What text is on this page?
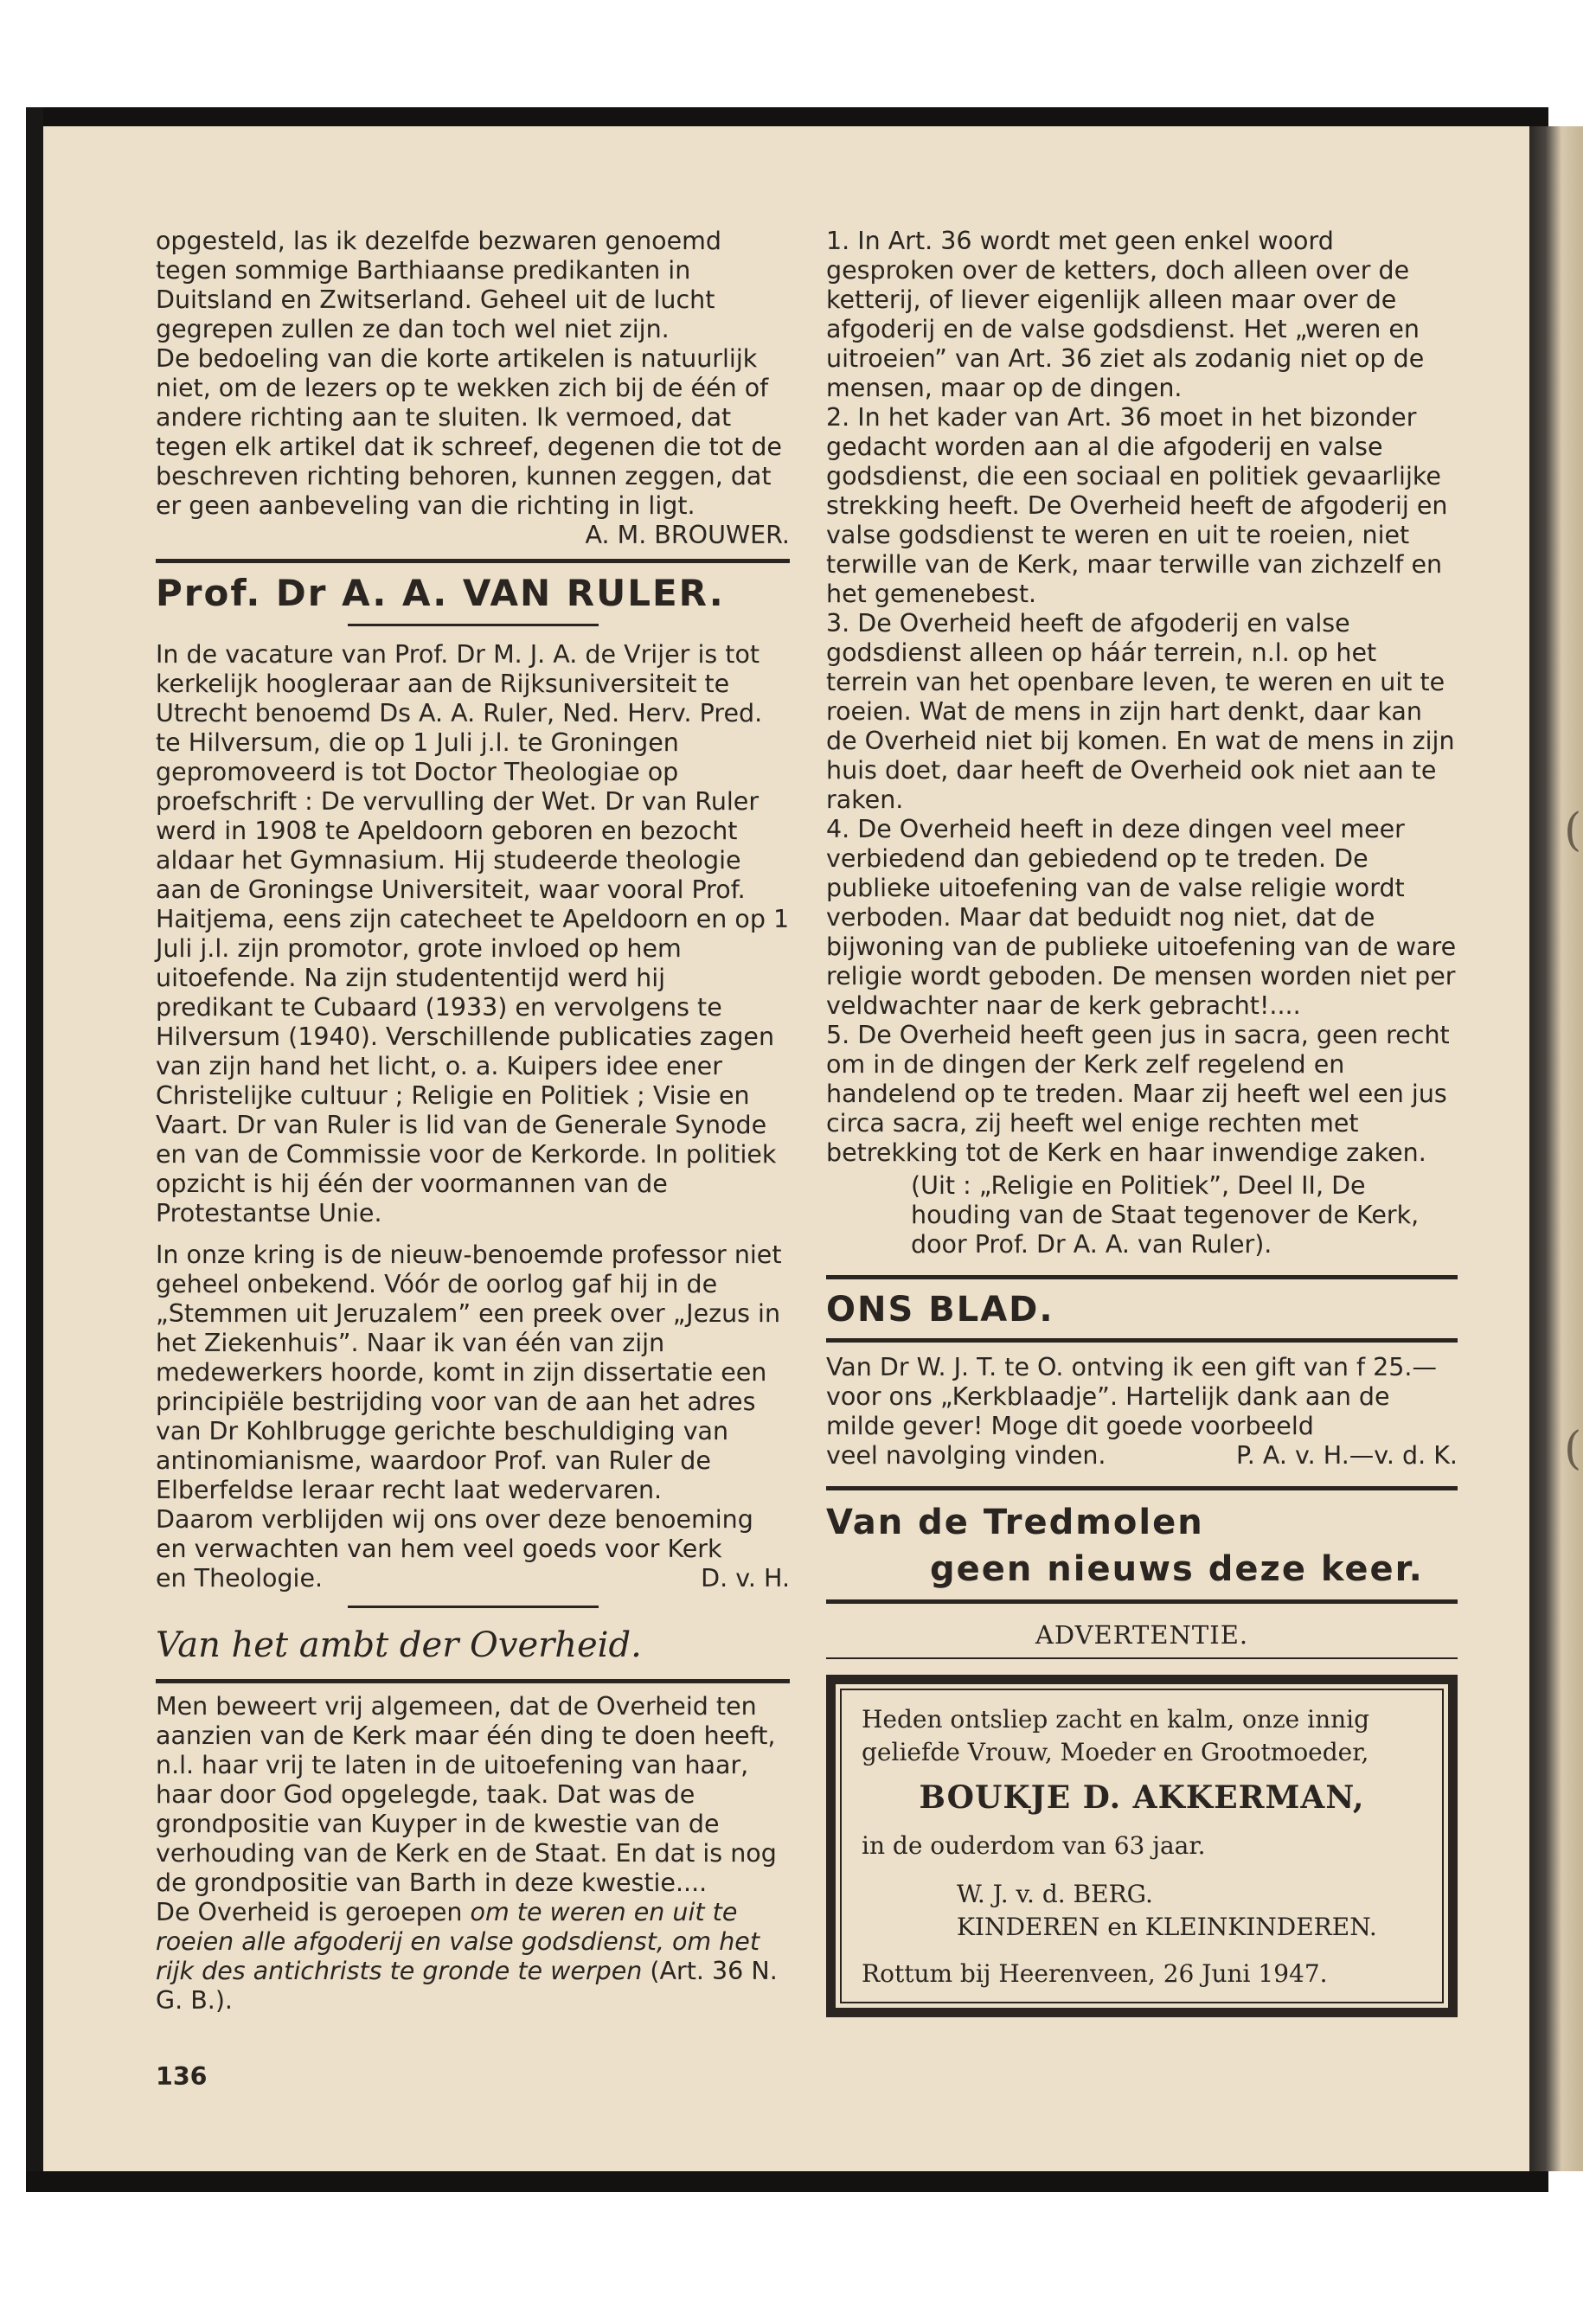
(
(

opgesteld, las ik dezelfde bezwaren genoemd tegen sommige Barthiaanse predikanten in Duitsland en Zwitserland. Geheel uit de lucht gegrepen zullen ze dan toch wel niet zijn.

De bedoeling van die korte artikelen is natuurlijk niet, om de lezers op te wekken zich bij de één of andere richting aan te sluiten. Ik vermoed, dat tegen elk artikel dat ik schreef, degenen die tot de beschreven richting behoren, kunnen zeggen, dat er geen aanbeveling van die richting in ligt.

A. M. BROUWER.
Prof. Dr A. A. VAN RULER.

In de vacature van Prof. Dr M. J. A. de Vrijer is tot kerkelijk hoogleraar aan de Rijksuniversiteit te Utrecht benoemd Ds A. A. Ruler, Ned. Herv. Pred. te Hilversum, die op 1 Juli j.l. te Groningen gepromoveerd is tot Doctor Theologiae op proefschrift : De vervulling der Wet. Dr van Ruler werd in 1908 te Apeldoorn geboren en bezocht aldaar het Gymnasium. Hij studeerde theologie aan de Groningse Universiteit, waar vooral Prof. Haitjema, eens zijn catecheet te Apeldoorn en op 1 Juli j.l. zijn promotor, grote invloed op hem uitoefende. Na zijn studententijd werd hij predikant te Cubaard (1933) en vervolgens te Hilversum (1940). Verschillende publicaties zagen van zijn hand het licht, o. a. Kuipers idee ener Christelijke cultuur ; Religie en Politiek ; Visie en Vaart. Dr van Ruler is lid van de Generale Synode en van de Commissie voor de Kerkorde. In politiek opzicht is hij één der voormannen van de Protestantse Unie.

In onze kring is de nieuw-benoemde professor niet geheel onbekend. Vóór de oorlog gaf hij in de „Stemmen uit Jeruzalem” een preek over „Jezus in het Ziekenhuis”. Naar ik van één van zijn medewerkers hoorde, komt in zijn dissertatie een principiële bestrijding voor van de aan het adres van Dr Kohlbrugge gerichte beschuldiging van antinomianisme, waardoor Prof. van Ruler de Elberfeldse leraar recht laat wedervaren.

Daarom verblijden wij ons over deze benoeming en verwachten van hem veel goeds voor Kerk

en Theologie.	D. v. H.
Van het ambt der Overheid.

Men beweert vrij algemeen, dat de Overheid ten aanzien van de Kerk maar één ding te doen heeft, n.l. haar vrij te laten in de uitoefening van haar, haar door God opgelegde, taak. Dat was de grondpositie van Kuyper in de kwestie van de verhouding van de Kerk en de Staat. En dat is nog de grondpositie van Barth in deze kwestie....

De Overheid is geroepen om te weren en uit te roeien alle afgoderij en valse godsdienst, om het rijk des antichrists te gronde te werpen (Art. 36 N. G. B.).

136

1. In Art. 36 wordt met geen enkel woord gesproken over de ketters, doch alleen over de ketterij, of liever eigenlijk alleen maar over de afgoderij en de valse godsdienst. Het „weren en uitroeien” van Art. 36 ziet als zodanig niet op de mensen, maar op de dingen.

2. In het kader van Art. 36 moet in het bizonder gedacht worden aan al die afgoderij en valse godsdienst, die een sociaal en politiek gevaarlijke strekking heeft. De Overheid heeft de afgoderij en valse godsdienst te weren en uit te roeien, niet terwille van de Kerk, maar terwille van zichzelf en het gemenebest.

3. De Overheid heeft de afgoderij en valse godsdienst alleen op háár terrein, n.l. op het terrein van het openbare leven, te weren en uit te roeien. Wat de mens in zijn hart denkt, daar kan de Overheid niet bij komen. En wat de mens in zijn huis doet, daar heeft de Overheid ook niet aan te raken.

4. De Overheid heeft in deze dingen veel meer verbiedend dan gebiedend op te treden. De publieke uitoefening van de valse religie wordt verboden. Maar dat beduidt nog niet, dat de bijwoning van de publieke uitoefening van de ware religie wordt geboden. De mensen worden niet per veldwachter naar de kerk gebracht!....

5. De Overheid heeft geen jus in sacra, geen recht om in de dingen der Kerk zelf regelend en handelend op te treden. Maar zij heeft wel een jus circa sacra, zij heeft wel enige rechten met betrekking tot de Kerk en haar inwendige zaken.

(Uit : „Religie en Politiek”, Deel II, De houding van de Staat tegenover de Kerk, door Prof. Dr A. A. van Ruler).

ONS BLAD.

Van Dr W. J. T. te O. ontving ik een gift van f 25.— voor ons „Kerkblaadje”. Hartelijk dank aan de milde gever! Moge dit goede voorbeeld

veel navolging vinden.	P. A. v. H.—v. d. K.
Van de Tredmolen
geen nieuws deze keer.
ADVERTENTIE.
Heden ontsliep zacht en kalm, onze innig geliefde Vrouw, Moeder en Grootmoeder,
BOUKJE D. AKKERMAN,
in de ouderdom van 63 jaar.
W. J. v. d. BERG.
KINDEREN en KLEINKINDEREN.
Rottum bij Heerenveen, 26 Juni 1947.
